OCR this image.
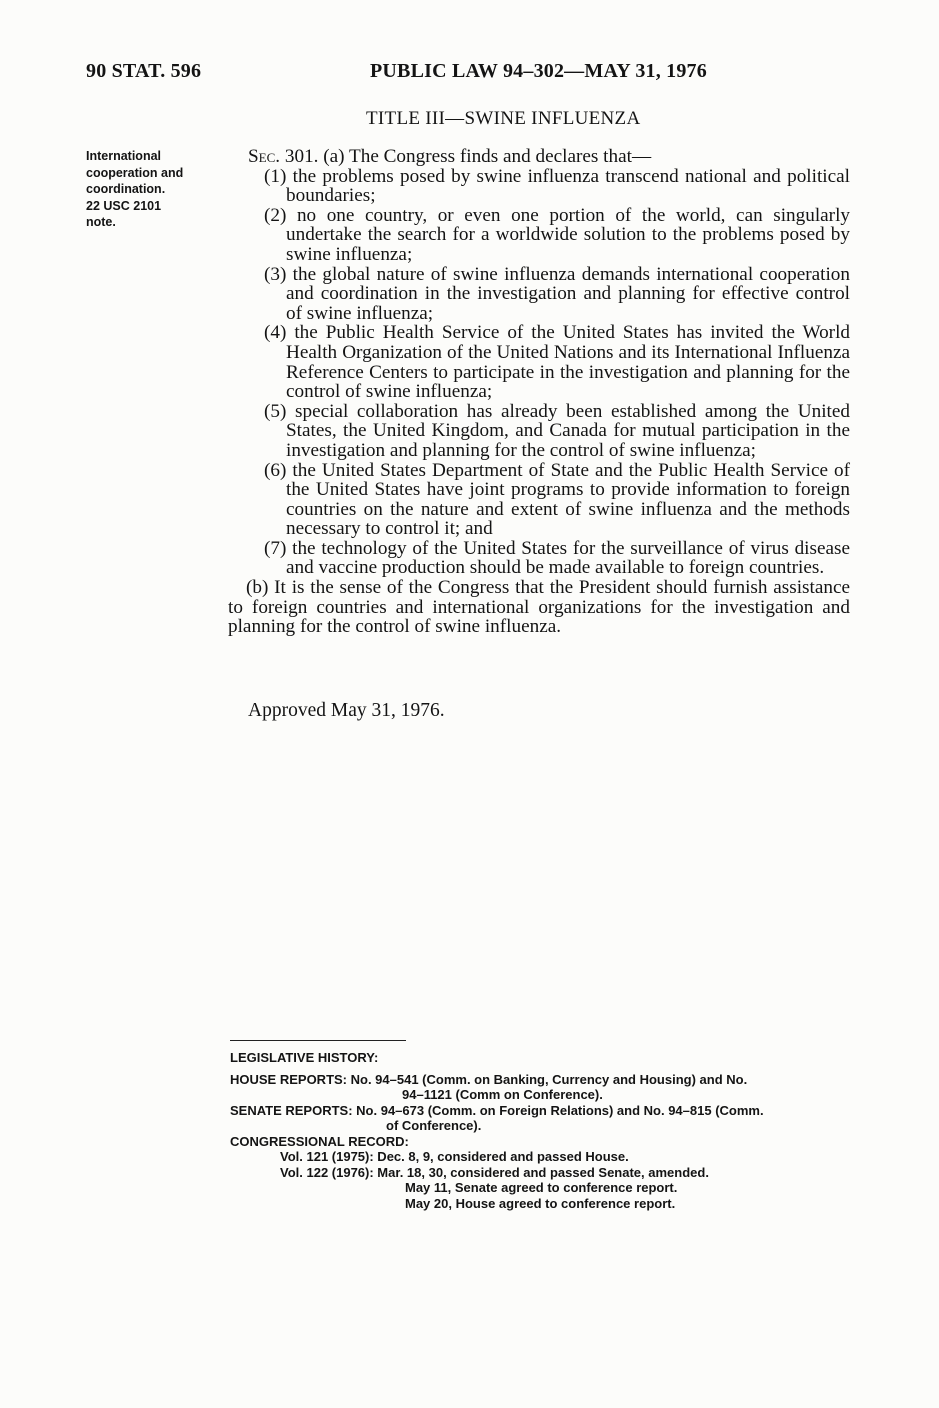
90 STAT. 596	PUBLIC LAW 94–302—MAY 31, 1976
TITLE III—SWINE INFLUENZA
International
cooperation and
coordination.
22 USC 2101
note.

Sec. 301. (a) The Congress finds and declares that—

(1) the problems posed by swine influenza transcend national and political boundaries;

(2) no one country, or even one portion of the world, can singularly undertake the search for a worldwide solution to the problems posed by swine influenza;

(3) the global nature of swine influenza demands international cooperation and coordination in the investigation and planning for effective control of swine influenza;

(4) the Public Health Service of the United States has invited the World Health Organization of the United Nations and its International Influenza Reference Centers to participate in the investigation and planning for the control of swine influenza;

(5) special collaboration has already been established among the United States, the United Kingdom, and Canada for mutual participation in the investigation and planning for the control of swine influenza;

(6) the United States Department of State and the Public Health Service of the United States have joint programs to provide information to foreign countries on the nature and extent of swine influenza and the methods necessary to control it; and

(7) the technology of the United States for the surveillance of virus disease and vaccine production should be made available to foreign countries.

(b) It is the sense of the Congress that the President should furnish assistance to foreign countries and international organizations for the investigation and planning for the control of swine influenza.

Approved May 31, 1976.
LEGISLATIVE HISTORY:
HOUSE REPORTS: No. 94–541 (Comm. on Banking, Currency and Housing) and No.
94–1121 (Comm on Conference).
SENATE REPORTS: No. 94–673 (Comm. on Foreign Relations) and No. 94–815 (Comm.
of Conference).
CONGRESSIONAL RECORD:
Vol. 121 (1975): Dec. 8, 9, considered and passed House.
Vol. 122 (1976): Mar. 18, 30, considered and passed Senate, amended.
May 11, Senate agreed to conference report.
May 20, House agreed to conference report.
